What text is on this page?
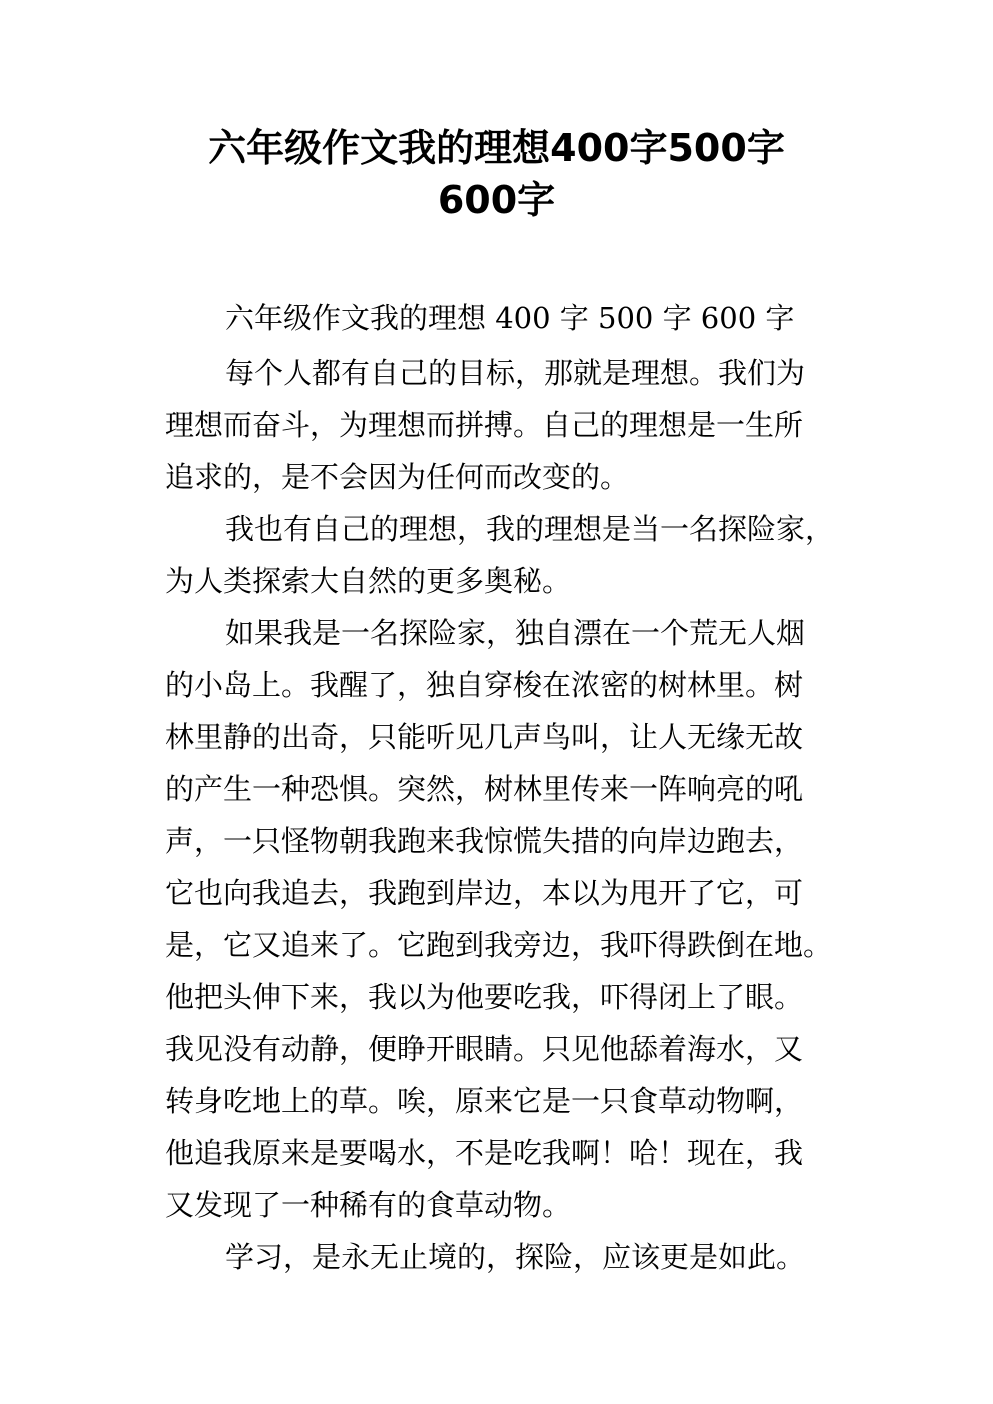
六年级作文我的理想400字500字
600字

六年级作文我的理想 400 字 500 字 600 字

每个人都有自己的目标，那就是理想。我们为

理想而奋斗，为理想而拼搏。自己的理想是一生所

追求的，是不会因为任何而改变的。

我也有自己的理想，我的理想是当一名探险家，

为人类探索大自然的更多奥秘。

如果我是一名探险家，独自漂在一个荒无人烟

的小岛上。我醒了，独自穿梭在浓密的树林里。树

林里静的出奇，只能听见几声鸟叫，让人无缘无故

的产生一种恐惧。突然，树林里传来一阵响亮的吼

声，一只怪物朝我跑来我惊慌失措的向岸边跑去，

它也向我追去，我跑到岸边，本以为甩开了它，可

是，它又追来了。它跑到我旁边，我吓得跌倒在地。

他把头伸下来，我以为他要吃我，吓得闭上了眼。

我见没有动静，便睁开眼睛。只见他舔着海水，又

转身吃地上的草。唉，原来它是一只食草动物啊，

他追我原来是要喝水，不是吃我啊！哈！现在，我

又发现了一种稀有的食草动物。

学习，是永无止境的，探险，应该更是如此。
